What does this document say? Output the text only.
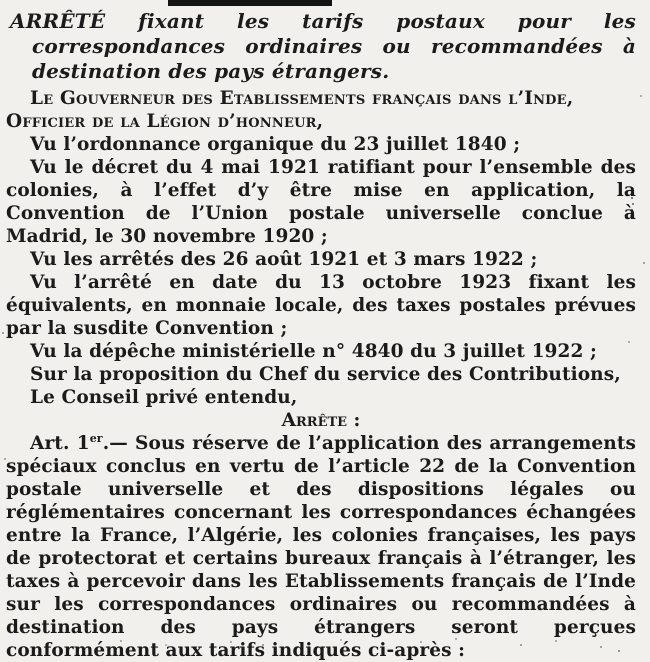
ARRÊTÉ fixant les tarifs postaux pour les correspondances ordinaires ou recommandées à destination des pays étrangers.

Le Gouverneur des Etablissements français dans l’Inde,
Officier de la Légion d’honneur,

Vu l’ordonnance organique du 23 juillet 1840 ;

Vu le décret du 4 mai 1921 ratifiant pour l’ensemble des colonies, à l’effet d’y être mise en application, la Convention de l’Union postale universelle conclue à Madrid, le 30 novembre 1920 ;

Vu les arrêtés des 26 août 1921 et 3 mars 1922 ;

Vu l’arrêté en date du 13 octobre 1923 fixant les équivalents, en monnaie locale, des taxes postales prévues par la susdite Convention ;

Vu la dépêche ministérielle n° 4840 du 3 juillet 1922 ;

Sur la proposition du Chef du service des Contributions,

Le Conseil privé entendu,

Arrête :

Art. 1er.— Sous réserve de l’application des arrangements spéciaux conclus en vertu de l’article 22 de la Convention postale universelle et des dispositions légales ou réglémentaires concernant les correspondances échangées entre la France, l’Algérie, les colonies françaises, les pays de protectorat et certains bureaux français à l’étranger, les taxes à percevoir dans les Etablissements français de l’Inde sur les correspondances ordinaires ou recommandées à destination des pays étrangers seront perçues conformément aux tarifs indiqués ci-après :
